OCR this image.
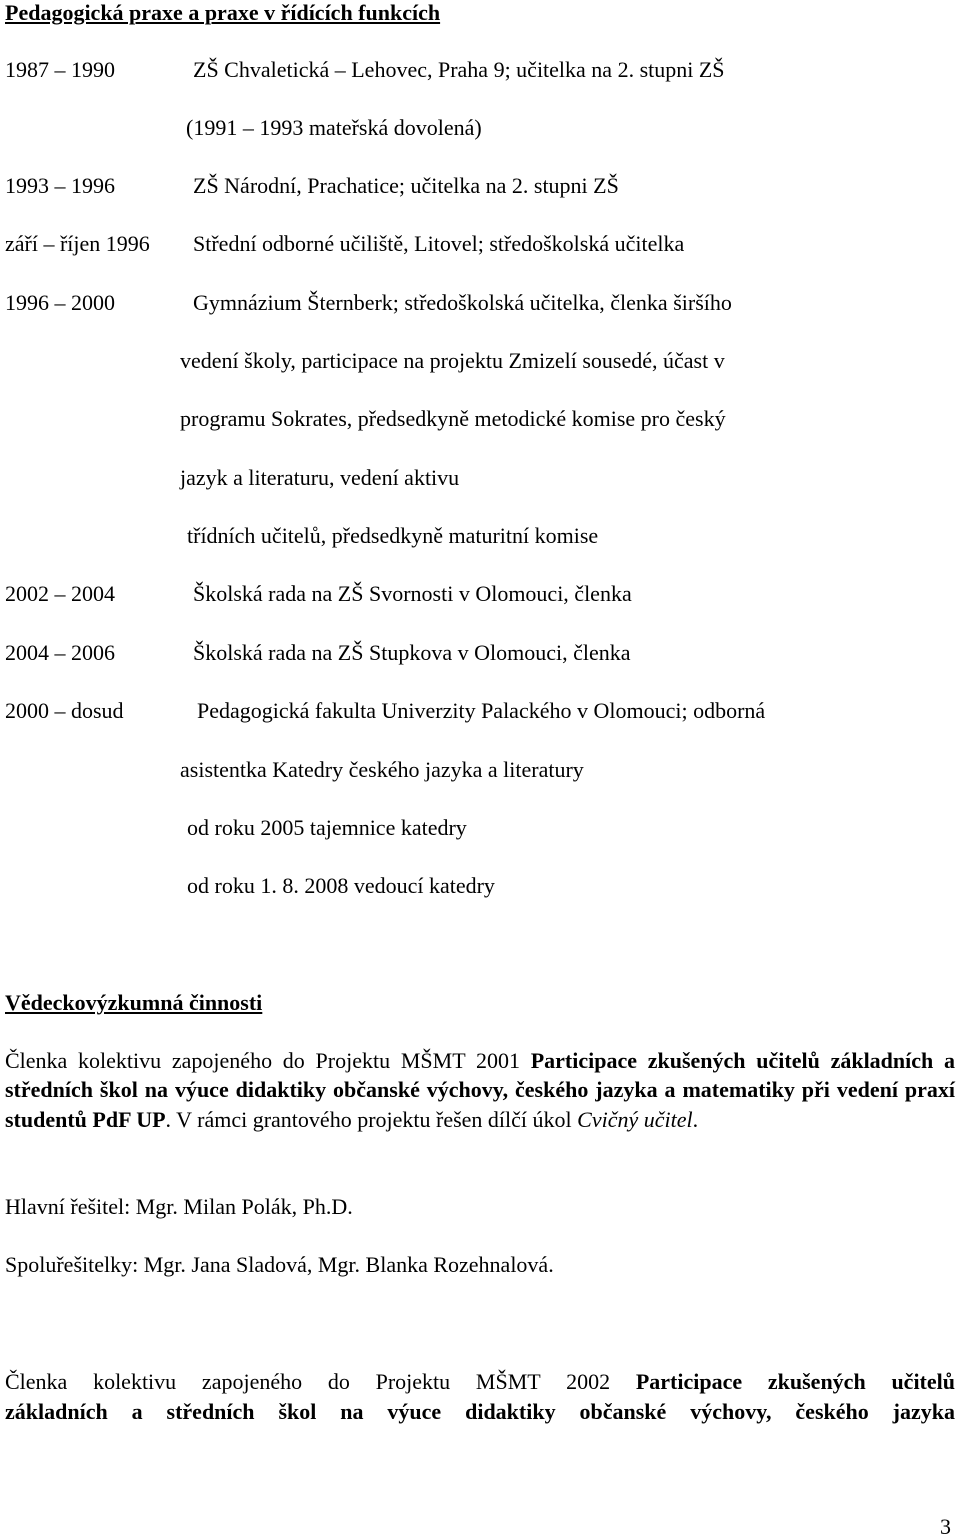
Pedagogická praxe a praxe v řídících funkcích
1987 – 1990	ZŠ Chvaletická – Lehovec, Praha 9; učitelka na 2. stupni ZŠ
(1991 – 1993 mateřská dovolená)
1993 – 1996	ZŠ Národní, Prachatice; učitelka na 2. stupni ZŠ
září – říjen 1996 Střední odborné učiliště, Litovel; středoškolská učitelka
1996 – 2000	Gymnázium Šternberk; středoškolská učitelka, členka širšího
vedení školy, participace na projektu Zmizelí sousedé, účast v
programu Sokrates, předsedkyně metodické komise pro český
jazyk a literaturu, vedení aktivu
třídních učitelů, předsedkyně maturitní komise
2002 – 2004	Školská rada na ZŠ Svornosti v Olomouci, členka
2004 – 2006	Školská rada na ZŠ Stupkova v Olomouci, členka
2000 – dosud	Pedagogická fakulta Univerzity Palackého v Olomouci; odborná
asistentka Katedry českého jazyka a literatury
od roku 2005 tajemnice katedry
od roku 1. 8. 2008 vedoucí katedry
Vědeckovýzkumná činnosti
Členka kolektivu zapojeného do Projektu MŠMT 2001 Participace zkušených učitelů základních a středních škol na výuce didaktiky občanské výchovy, českého jazyka a matematiky při vedení praxí studentů PdF UP. V rámci grantového projektu řešen dílčí úkol Cvičný učitel.
Hlavní řešitel: Mgr. Milan Polák, Ph.D.
Spoluřešitelky: Mgr. Jana Sladová, Mgr. Blanka Rozehnalová.
Členka kolektivu zapojeného do Projektu MŠMT 2002 Participace zkušených učitelů
základních a středních škol na výuce didaktiky občanské výchovy, českého jazyka
3
